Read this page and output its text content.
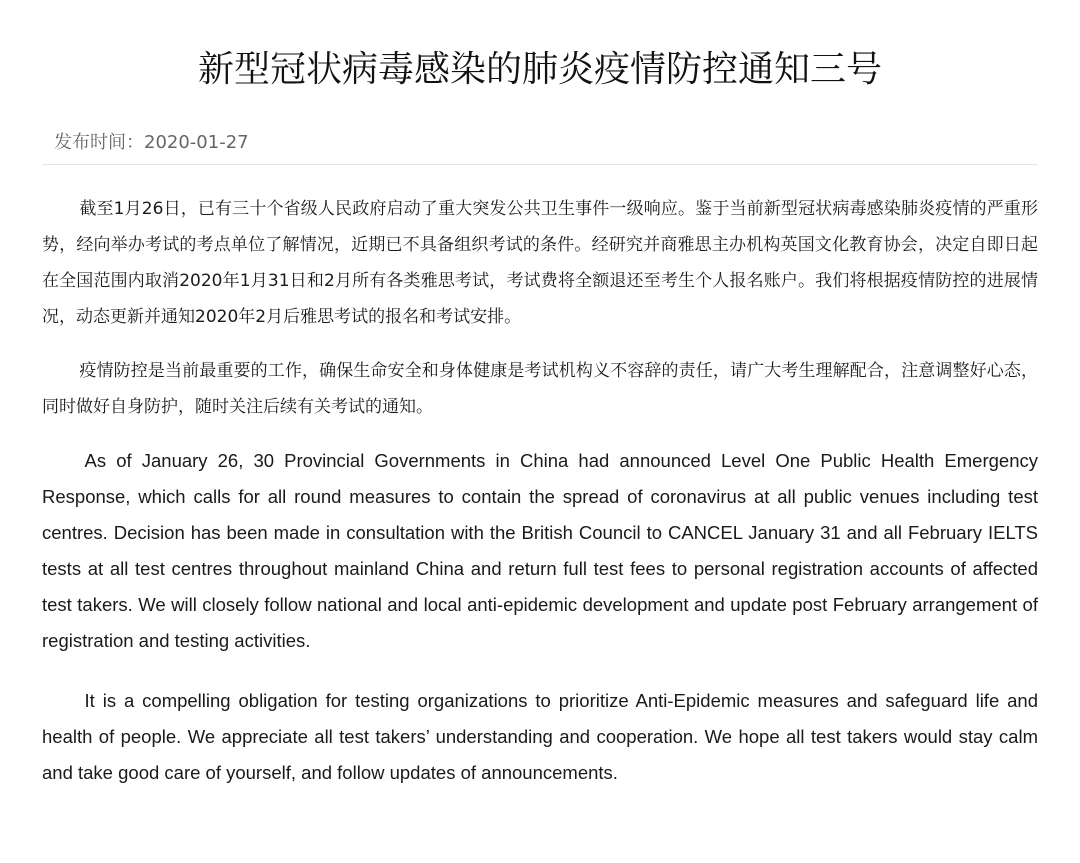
新型冠状病毒感染的肺炎疫情防控通知三号
发布时间：2020-01-27

截至1月26日，已有三十个省级人民政府启动了重大突发公共卫生事件一级响应。鉴于当前新型冠状病毒感染肺炎疫情的严重形势，经向举办考试的考点单位了解情况，近期已不具备组织考试的条件。经研究并商雅思主办机构英国文化教育协会，决定自即日起在全国范围内取消2020年1月31日和2月所有各类雅思考试，考试费将全额退还至考生个人报名账户。我们将根据疫情防控的进展情况，动态更新并通知2020年2月后雅思考试的报名和考试安排。

疫情防控是当前最重要的工作，确保生命安全和身体健康是考试机构义不容辞的责任，请广大考生理解配合，注意调整好心态，同时做好自身防护，随时关注后续有关考试的通知。

As of January 26, 30 Provincial Governments in China had announced Level One Public Health Emergency Response, which calls for all round measures to contain the spread of coronavirus at all public venues including test centres. Decision has been made in consultation with the British Council to CANCEL January 31 and all February IELTS tests at all test centres throughout mainland China and return full test fees to personal registration accounts of affected test takers. We will closely follow national and local anti-epidemic development and update post February arrangement of registration and testing activities.

It is a compelling obligation for testing organizations to prioritize Anti-Epidemic measures and safeguard life and health of people. We appreciate all test takers’ understanding and cooperation. We hope all test takers would stay calm and take good care of yourself, and follow updates of announcements.
